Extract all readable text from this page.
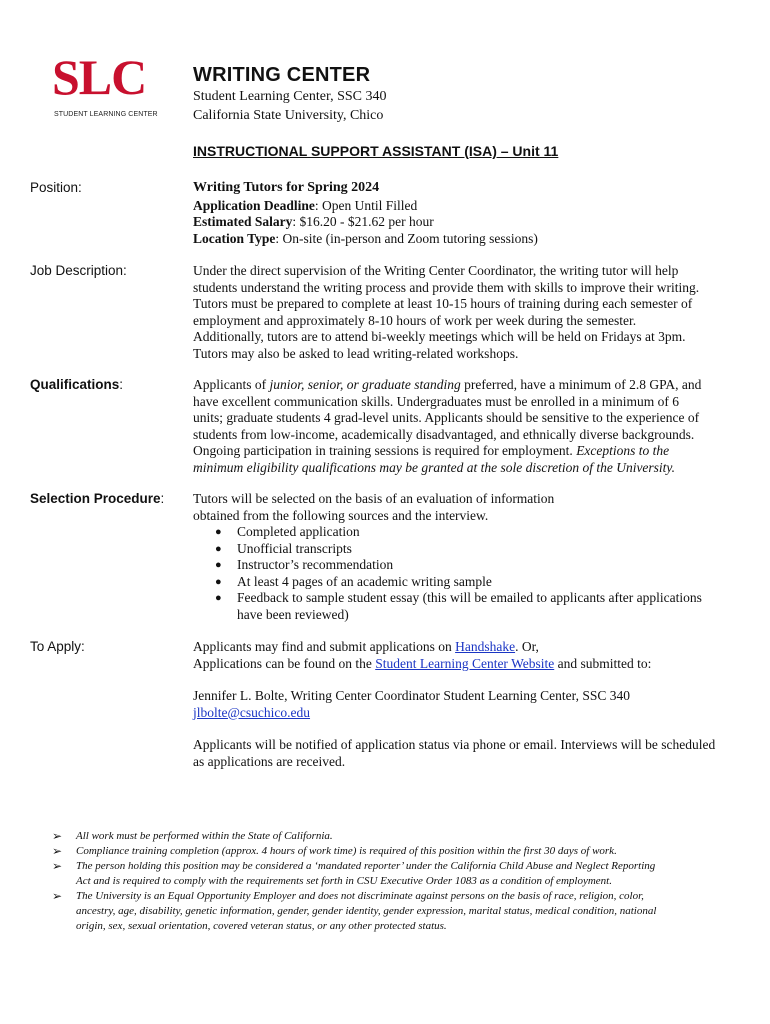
SLC
STUDENT LEARNING CENTER
WRITING CENTER
Student Learning Center, SSC 340
California State University, Chico
INSTRUCTIONAL SUPPORT ASSISTANT (ISA) – Unit 11
Position:	Writing Tutors for Spring 2024
Application Deadline: Open Until Filled
Estimated Salary: $16.20 - $21.62 per hour
Location Type: On-site (in-person and Zoom tutoring sessions)
Job Description:	Under the direct supervision of the Writing Center Coordinator, the writing tutor will help
students understand the writing process and provide them with skills to improve their writing.
Tutors must be prepared to complete at least 10-15 hours of training during each semester of
employment and approximately 8-10 hours of work per week during the semester.
Additionally, tutors are to attend bi-weekly meetings which will be held on Fridays at 3pm.
Tutors may also be asked to lead writing-related workshops.
Qualifications:	Applicants of junior, senior, or graduate standing preferred, have a minimum of 2.8 GPA, and
have excellent communication skills. Undergraduates must be enrolled in a minimum of 6
units; graduate students 4 grad-level units. Applicants should be sensitive to the experience of
students from low-income, academically disadvantaged, and ethnically diverse backgrounds.
Ongoing participation in training sessions is required for employment. Exceptions to the
minimum eligibility qualifications may be granted at the sole discretion of the University.
Selection Procedure: Tutors will be selected on the basis of an evaluation of information
obtained from the following sources and the interview.
● Completed application
● Unofficial transcripts
● Instructor’s recommendation
● At least 4 pages of an academic writing sample
● Feedback to sample student essay (this will be emailed to applicants after applications
have been reviewed)
To Apply:	Applicants may find and submit applications on Handshake. Or,
Applications can be found on the Student Learning Center Website and submitted to:
Jennifer L. Bolte, Writing Center Coordinator Student Learning Center, SSC 340
jlbolte@csuchico.edu
Applicants will be notified of application status via phone or email. Interviews will be scheduled
as applications are received.
➢ All work must be performed within the State of California.
➢ Compliance training completion (approx. 4 hours of work time) is required of this position within the first 30 days of work.
➢ The person holding this position may be considered a ‘mandated reporter’ under the California Child Abuse and Neglect Reporting
Act and is required to comply with the requirements set forth in CSU Executive Order 1083 as a condition of employment.
➢ The University is an Equal Opportunity Employer and does not discriminate against persons on the basis of race, religion, color,
ancestry, age, disability, genetic information, gender, gender identity, gender expression, marital status, medical condition, national
origin, sex, sexual orientation, covered veteran status, or any other protected status.
